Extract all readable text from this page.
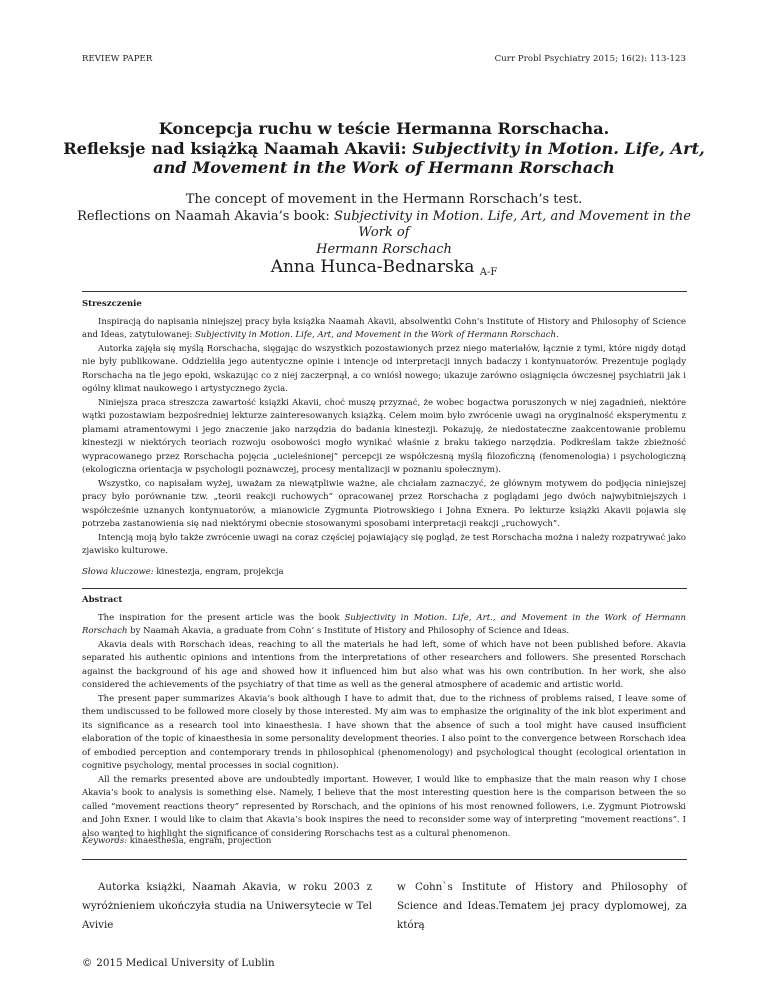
REVIEW PAPER	Curr Probl Psychiatry 2015; 16(2): 113-123
Koncepcja ruchu w teście Hermanna Rorschacha.
Refleksje nad książką Naamah Akavii: Subjectivity in Motion. Life, Art,
and Movement in the Work of Hermann Rorschach
The concept of movement in the Hermann Rorschach’s test.
Reflections on Naamah Akavia’s book: Subjectivity in Motion. Life, Art, and Movement in the Work of
Hermann Rorschach
Anna Hunca-Bednarska $_{A-F}$
Streszczenie

Inspiracją do napisania niniejszej pracy była książka Naamah Akavii, absolwentki Cohn's Institute of History and Philosophy of Science and Ideas, zatytułowanej: Subjectivity in Motion. Life, Art, and Movement in the Work of Hermann Rorschach.

Autorka zajęła się myślą Rorschacha, sięgając do wszystkich pozostawionych przez niego materiałów, łącznie z tymi, które nigdy dotąd nie były publikowane. Oddzieliła jego autentyczne opinie i intencje od interpretacji innych badaczy i kontynuatorów. Prezentuje poglądy Rorschacha na tle jego epoki, wskazując co z niej zaczerpnął, a co wniósł nowego; ukazuje zarówno osiągnięcia ówczesnej psychiatrii jak i ogólny klimat naukowego i artystycznego życia.

Niniejsza praca streszcza zawartość książki Akavii, choć muszę przyznać, że wobec bogactwa poruszonych w niej zagadnień, niektóre wątki pozostawiam bezpośredniej lekturze zainteresowanych książką. Celem moim było zwrócenie uwagi na oryginalność eksperymentu z plamami atramentowymi i jego znaczenie jako narzędzia do badania kinestezji. Pokazuję, że niedostateczne zaakcentowanie problemu kinestezji w niektórych teoriach rozwoju osobowości mogło wynikać właśnie z braku takiego narzędzia. Podkreślam także zbieżność wypracowanego przez Rorschacha pojęcia „ucieleśnionej” percepcji ze współczesną myślą filozoficzną (fenomenologia) i psychologiczną (ekologiczna orientacja w psychologii poznawczej, procesy mentalizacji w poznaniu społecznym).

Wszystko, co napisałam wyżej, uważam za niewątpliwie ważne, ale chciałam zaznaczyć, że głównym motywem do podjęcia niniejszej pracy było porównanie tzw. „teorii reakcji ruchowych” opracowanej przez Rorschacha z poglądami jego dwóch najwybitniejszych i współcześnie uznanych kontynuatorów, a mianowicie Zygmunta Piotrowskiego i Johna Exnera. Po lekturze książki Akavii pojawia się potrzeba zastanowienia się nad niektórymi obecnie stosowanymi sposobami interpretacji reakcji „ruchowych”.

Intencją moją było także zwrócenie uwagi na coraz częściej pojawiający się pogląd, że test Rorschacha można i należy rozpatrywać jako zjawisko kulturowe.

Słowa kluczowe: kinestezja, engram, projekcja
Abstract

The inspiration for the present article was the book Subjectivity in Motion. Life, Art., and Movement in the Work of Hermann Rorschach by Naamah Akavia, a graduate from Cohn’ s Institute of History and Philosophy of Science and Ideas.

Akavia deals with Rorschach ideas, reaching to all the materials he had left, some of which have not been published before. Akavia separated his authentic opinions and intentions from the interpretations of other researchers and followers. She presented Rorschach against the background of his age and showed how it influenced him but also what was his own contribution. In her work, she also considered the achievements of the psychiatry of that time as well as the general atmosphere of academic and artistic world.

The present paper summarizes Akavia’s book although I have to admit that, due to the richness of problems raised, I leave some of them undiscussed to be followed more closely by those interested. My aim was to emphasize the originality of the ink blot experiment and its significance as a research tool into kinaesthesia. I have shown that the absence of such a tool might have caused insufficient elaboration of the topic of kinaesthesia in some personality development theories. I also point to the convergence between Rorschach idea of embodied perception and contemporary trends in philosophical (phenomenology) and psychological thought (ecological orientation in cognitive psychology, mental processes in social cognition).

All the remarks presented above are undoubtedly important. However, I would like to emphasize that the main reason why I chose Akavia’s book to analysis is something else. Namely, I believe that the most interesting question here is the comparison between the so called “movement reactions theory” represented by Rorschach, and the opinions of his most renowned followers, i.e. Zygmunt Piotrowski and John Exner. I would like to claim that Akavia’s book inspires the need to reconsider some way of interpreting “movement reactions”. I also wanted to highlight the significance of considering Rorschachs test as a cultural phenomenon.

Keywords: kinaesthesia, engram, projection
Autorka książki, Naamah Akavia, w roku 2003 z wyróżnieniem ukończyła studia na Uniwersytecie w Tel Avivie
w Cohn`s Institute of History and Philosophy of Science and Ideas.Tematem jej pracy dyplomowej, za którą
© 2015 Medical University of Lublin
